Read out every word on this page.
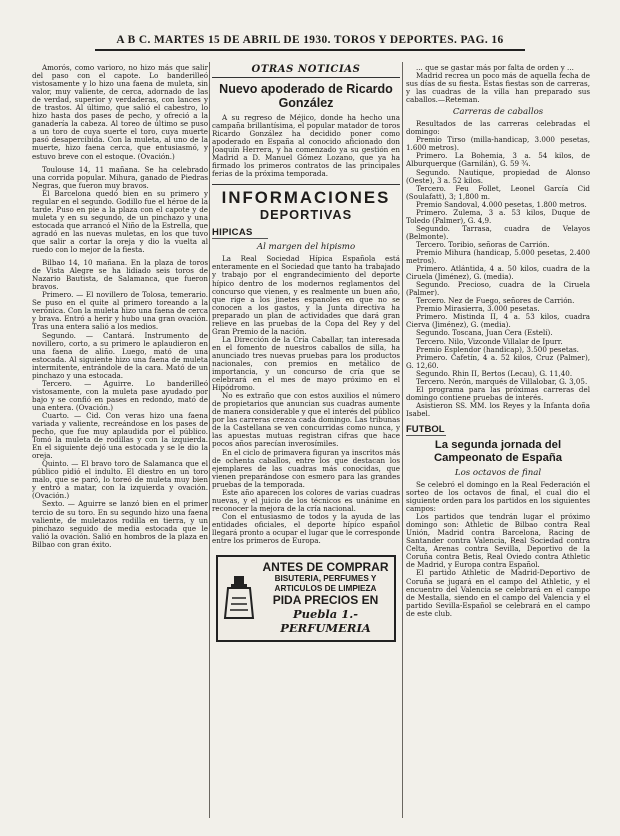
A B C. MARTES 15 DE ABRIL DE 1930. TOROS Y DEPORTES. PAG. 16

Amorós, como varioro, no hizo más que salir del paso con el capote. Lo banderilleó vistosamente y lo hizo una faena de muleta, sin valor, muy valiente, de cerca, adornado de las de verdad, superior y verdaderas, con lances y de trastos. Al último, que salió el cabestro, lo hizo hasta dos pases de pecho, y ofreció a la ganadería la cabeza. Al toreo de último se puso a un toro de cuya suerte el toro, cuya muerte pasó desapercibida. Con la muleta, al uno de la muerte, hizo faena cerca, que entusiasmó, y estuvo breve con el estoque. (Ovación.)

Toulouse 14, 11 mañana. Se ha celebrado una corrida popular. Mihura, ganado de Piedras Negras, que fueron muy bravos.

El Barcelona quedó bien en su primero y regular en el segundo. Godillo fue el héroe de la tarde. Puso en pie a la plaza con el capote y de muleta y en su segundo, de un pinchazo y una estocada que arrancó el Niño de la Estrella, que agradó en las nuevas muletas, en los que tuvo que salir a cortar la oreja y dio la vuelta al ruedo con lo mejor de la fiesta.

Bilbao 14, 10 mañana. En la plaza de toros de Vista Alegre se ha lidiado seis toros de Nazario Bautista, de Salamanca, que fueron bravos.

Primero. — El novillero de Tolosa, temerario. Se puso en el quite al primero toreando a la verónica. Con la muleta hizo una faena de cerca y brava. Entró a herir y hubo una gran ovación. Tras una entera salió a los medios.

Segundo. — Cantará. Instrumento de novillero, corto, a su primero le aplaudieron en una faena de aliño. Luego, mató de una estocada. Al siguiente hizo una faena de muleta intermitente, entrándole de la cara. Mató de un pinchazo y una estocada.

Tercero. — Aguirre. Lo banderilleó vistosamente, con la muleta pase ayudado por bajo y se confió en pases en redondo, mató de una entera. (Ovación.)

Cuarto. — Cid. Con veras hizo una faena variada y valiente, recreándose en los pases de pecho, que fue muy aplaudida por el público. Tomó la muleta de rodillas y con la izquierda. En el siguiente dejó una estocada y se le dio la oreja.

Quinto. — El bravo toro de Salamanca que el público pidió el indulto. El diestro en un toro malo, que se paró, lo toreó de muleta muy bien y entró a matar, con la izquierda y ovación. (Ovación.)

Sexto. — Aguirre se lanzó bien en el primer tercio de su toro. En su segundo hizo una faena valiente, de muletazos rodilla en tierra, y un pinchazo seguido de media estocada que le valió la ovación. Salió en hombros de la plaza en Bilbao con gran éxito.

OTRAS NOTICIAS
Nuevo apoderado de Ricardo González

A su regreso de Méjico, donde ha hecho una campaña brillantísima, el popular matador de toros Ricardo González ha decidido poner como apoderado en España al conocido aficionado don Joaquín Herrera, y ha comenzado ya su gestión en Madrid a D. Manuel Gómez Lozano, que ya ha firmado los primeros contratos de las principales ferias de la próxima temporada.

INFORMACIONES
DEPORTIVAS
HIPICAS
Al margen del hipismo

La Real Sociedad Hípica Española está enteramente en el Sociedad que tanto ha trabajado y trabajo por el engrandecimiento del deporte hípico dentro de los modernos reglamentos del concurso que vienen, y es realmente un buen año, que rige a los jinetes espanoles en que no se conocen a los gastos, y la Junta directiva ha preparado un plan de actividades que dará gran relieve en las pruebas de la Copa del Rey y del Gran Premio de la nación.

La Dirección de la Cría Caballar, tan interesada en el fomento de nuestros caballos de silla, ha anunciado tres nuevas pruebas para los productos nacionales, con premios en metálico de importancia, y un concurso de cría que se celebrará en el mes de mayo próximo en el Hipódromo.

No es extraño que con estos auxilios el número de propietarios que anuncian sus cuadras aumente de manera considerable y que el interés del público por las carreras crezca cada domingo. Las tribunas de la Castellana se ven concurridas como nunca, y las apuestas mutuas registran cifras que hace pocos años parecían inverosímiles.

En el ciclo de primavera figuran ya inscritos más de ochenta caballos, entre los que destacan los ejemplares de las cuadras más conocidas, que vienen preparándose con esmero para las grandes pruebas de la temporada.

Este año aparecen los colores de varias cuadras nuevas, y el juicio de los técnicos es unánime en reconocer la mejora de la cría nacional.

Con el entusiasmo de todos y la ayuda de las entidades oficiales, el deporte hípico español llegará pronto a ocupar el lugar que le corresponde entre los primeros de Europa.

ANTES DE COMPRAR
BISUTERIA, PERFUMES Y ARTICULOS DE LIMPIEZA
PIDA PRECIOS EN
Puebla 1.-PERFUMERIA

... que se gastar más por falta de orden y ...

Madrid recrea un poco más de aquella fecha de sus días de su fiesta. Estas fiestas son de carreras, y las cuadras de la villa han preparado sus caballos.—Reteman.

Carreras de caballos

Resultados de las carreras celebradas el domingo:

Premio Tirso (milla-handicap, 3.000 pesetas, 1.600 metros).

Primero. La Bohemia, 3 a. 54 kilos, de Alburquerque (Garnilán), G. 59 ¾.

Segundo. Nautique, propiedad de Alonso (Oeste), 3 a. 52 kilos.

Tercero. Feu Follet, Leonel García Cid (Soulafatt), 3; 1,800 m.

Premio Sandoval, 4.000 pesetas, 1.800 metros.

Primero. Zulema, 3 a. 53 kilos, Duque de Toledo (Palmer), G. 4,9.

Segundo. Tarrasa, cuadra de Velayos (Belmonte).

Tercero. Toribio, señoras de Carrión.

Premio Mihura (handicap, 5.000 pesetas, 2.400 metros).

Primero. Atlántida, 4 a. 50 kilos, cuadra de la Ciruela (Jiménez), G. (media).

Segundo. Precioso, cuadra de la Ciruela (Palmer).

Tercero. Nez de Fuego, señores de Carrión.

Premio Mirasierra, 3.000 pesetas.

Primero. Mistinda II, 4 a. 53 kilos, cuadra Cierva (Jiménez), G. (media).

Segundo. Toscana, Juan Cera (Estelí).

Tercero. Nilo, Vizconde Villalar de Ipurr.

Premio Esplendor (handicap), 3.500 pesetas.

Primero. Cafetín, 4 a. 52 kilos, Cruz (Palmer), G. 12,60.

Segundo. Rhin II, Bertos (Lecau), G. 11,40.

Tercero. Nerón, marqués de Villalobar, G. 3,05.

El programa para las próximas carreras del domingo contiene pruebas de interés.

Asistieron SS. MM. los Reyes y la Infanta doña Isabel.

FUTBOL
La segunda jornada del Campeonato de España
Los octavos de final

Se celebró el domingo en la Real Federación el sorteo de los octavos de final, el cual dio el siguiente orden para los partidos en los siguientes campos:

Los partidos que tendrán lugar el próximo domingo son: Athletic de Bilbao contra Real Unión, Madrid contra Barcelona, Racing de Santander contra Valencia, Real Sociedad contra Celta, Arenas contra Sevilla, Deportivo de la Coruña contra Betis, Real Oviedo contra Athletic de Madrid, y Europa contra Español.

El partido Athletic de Madrid-Deportivo de Coruña se jugará en el campo del Athletic, y el encuentro del Valencia se celebrará en el campo de Mestalla, siendo en el campo del Valencia y el partido Sevilla-Español se celebrará en el campo de este club.
